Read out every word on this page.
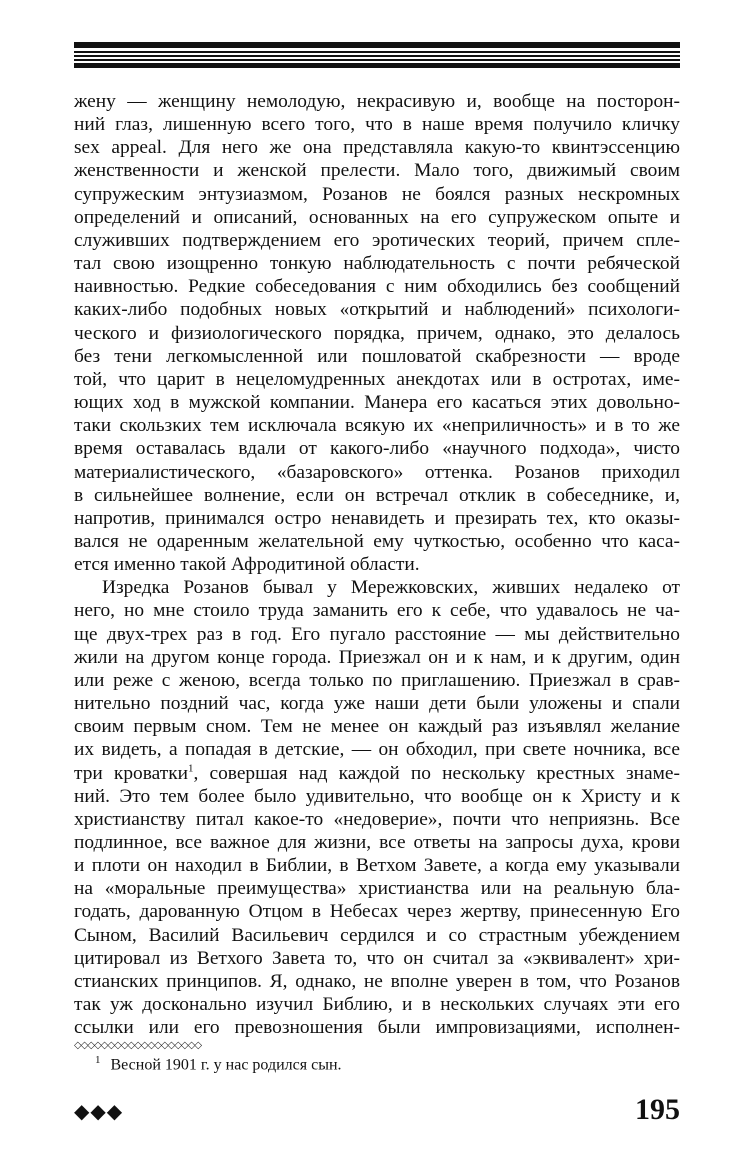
жену — женщину немолодую, некрасивую и, вообще на посторон-
ний глаз, лишенную всего того, что в наше время получило кличку
sex appeal. Для него же она представляла какую-то квинтэссенцию
женственности и женской прелести. Мало того, движимый своим
супружеским энтузиазмом, Розанов не боялся разных нескромных
определений и описаний, основанных на его супружеском опыте и
служивших подтверждением его эротических теорий, причем спле-
тал свою изощренно тонкую наблюдательность с почти ребяческой
наивностью. Редкие собеседования с ним обходились без сообщений
каких-либо подобных новых «открытий и наблюдений» психологи-
ческого и физиологического порядка, причем, однако, это делалось
без тени легкомысленной или пошловатой скабрезности — вроде
той, что царит в нецеломудренных анекдотах или в остротах, име-
ющих ход в мужской компании. Манера его касаться этих довольно-
таки скользких тем исключала всякую их «неприличность» и в то же
время оставалась вдали от какого-либо «научного подхода», чисто
материалистического, «базаровского» оттенка. Розанов приходил
в сильнейшее волнение, если он встречал отклик в собеседнике, и,
напротив, принимался остро ненавидеть и презирать тех, кто оказы-
вался не одаренным желательной ему чуткостью, особенно что каса-
ется именно такой Афродитиной области.
Изредка Розанов бывал у Мережковских, живших недалеко от
него, но мне стоило труда заманить его к себе, что удавалось не ча-
ще двух-трех раз в год. Его пугало расстояние — мы действительно
жили на другом конце города. Приезжал он и к нам, и к другим, один
или реже с женою, всегда только по приглашению. Приезжал в срав-
нительно поздний час, когда уже наши дети были уложены и спали
своим первым сном. Тем не менее он каждый раз изъявлял желание
их видеть, а попадая в детские, — он обходил, при свете ночника, все
три кроватки$^1$, совершая над каждой по нескольку крестных знаме-
ний. Это тем более было удивительно, что вообще он к Христу и к
христианству питал какое-то «недоверие», почти что неприязнь. Все
подлинное, все важное для жизни, все ответы на запросы духа, крови
и плоти он находил в Библии, в Ветхом Завете, а когда ему указывали
на «моральные преимущества» христианства или на реальную бла-
годать, дарованную Отцом в Небесах через жертву, принесенную Его
Сыном, Василий Васильевич сердился и со страстным убеждением
цитировал из Ветхого Завета то, что он считал за «эквивалент» хри-
стианских принципов. Я, однако, не вполне уверен в том, что Розанов
так уж досконально изучил Библию, и в нескольких случаях эти его
ссылки или его превозношения были импровизациями, исполнен-
◇◇◇◇◇◇◇◇◇◇◇◇◇◇◇◇◇◇◇
$^1$ Весной 1901 г. у нас родился сын.
◆◆◆	195
